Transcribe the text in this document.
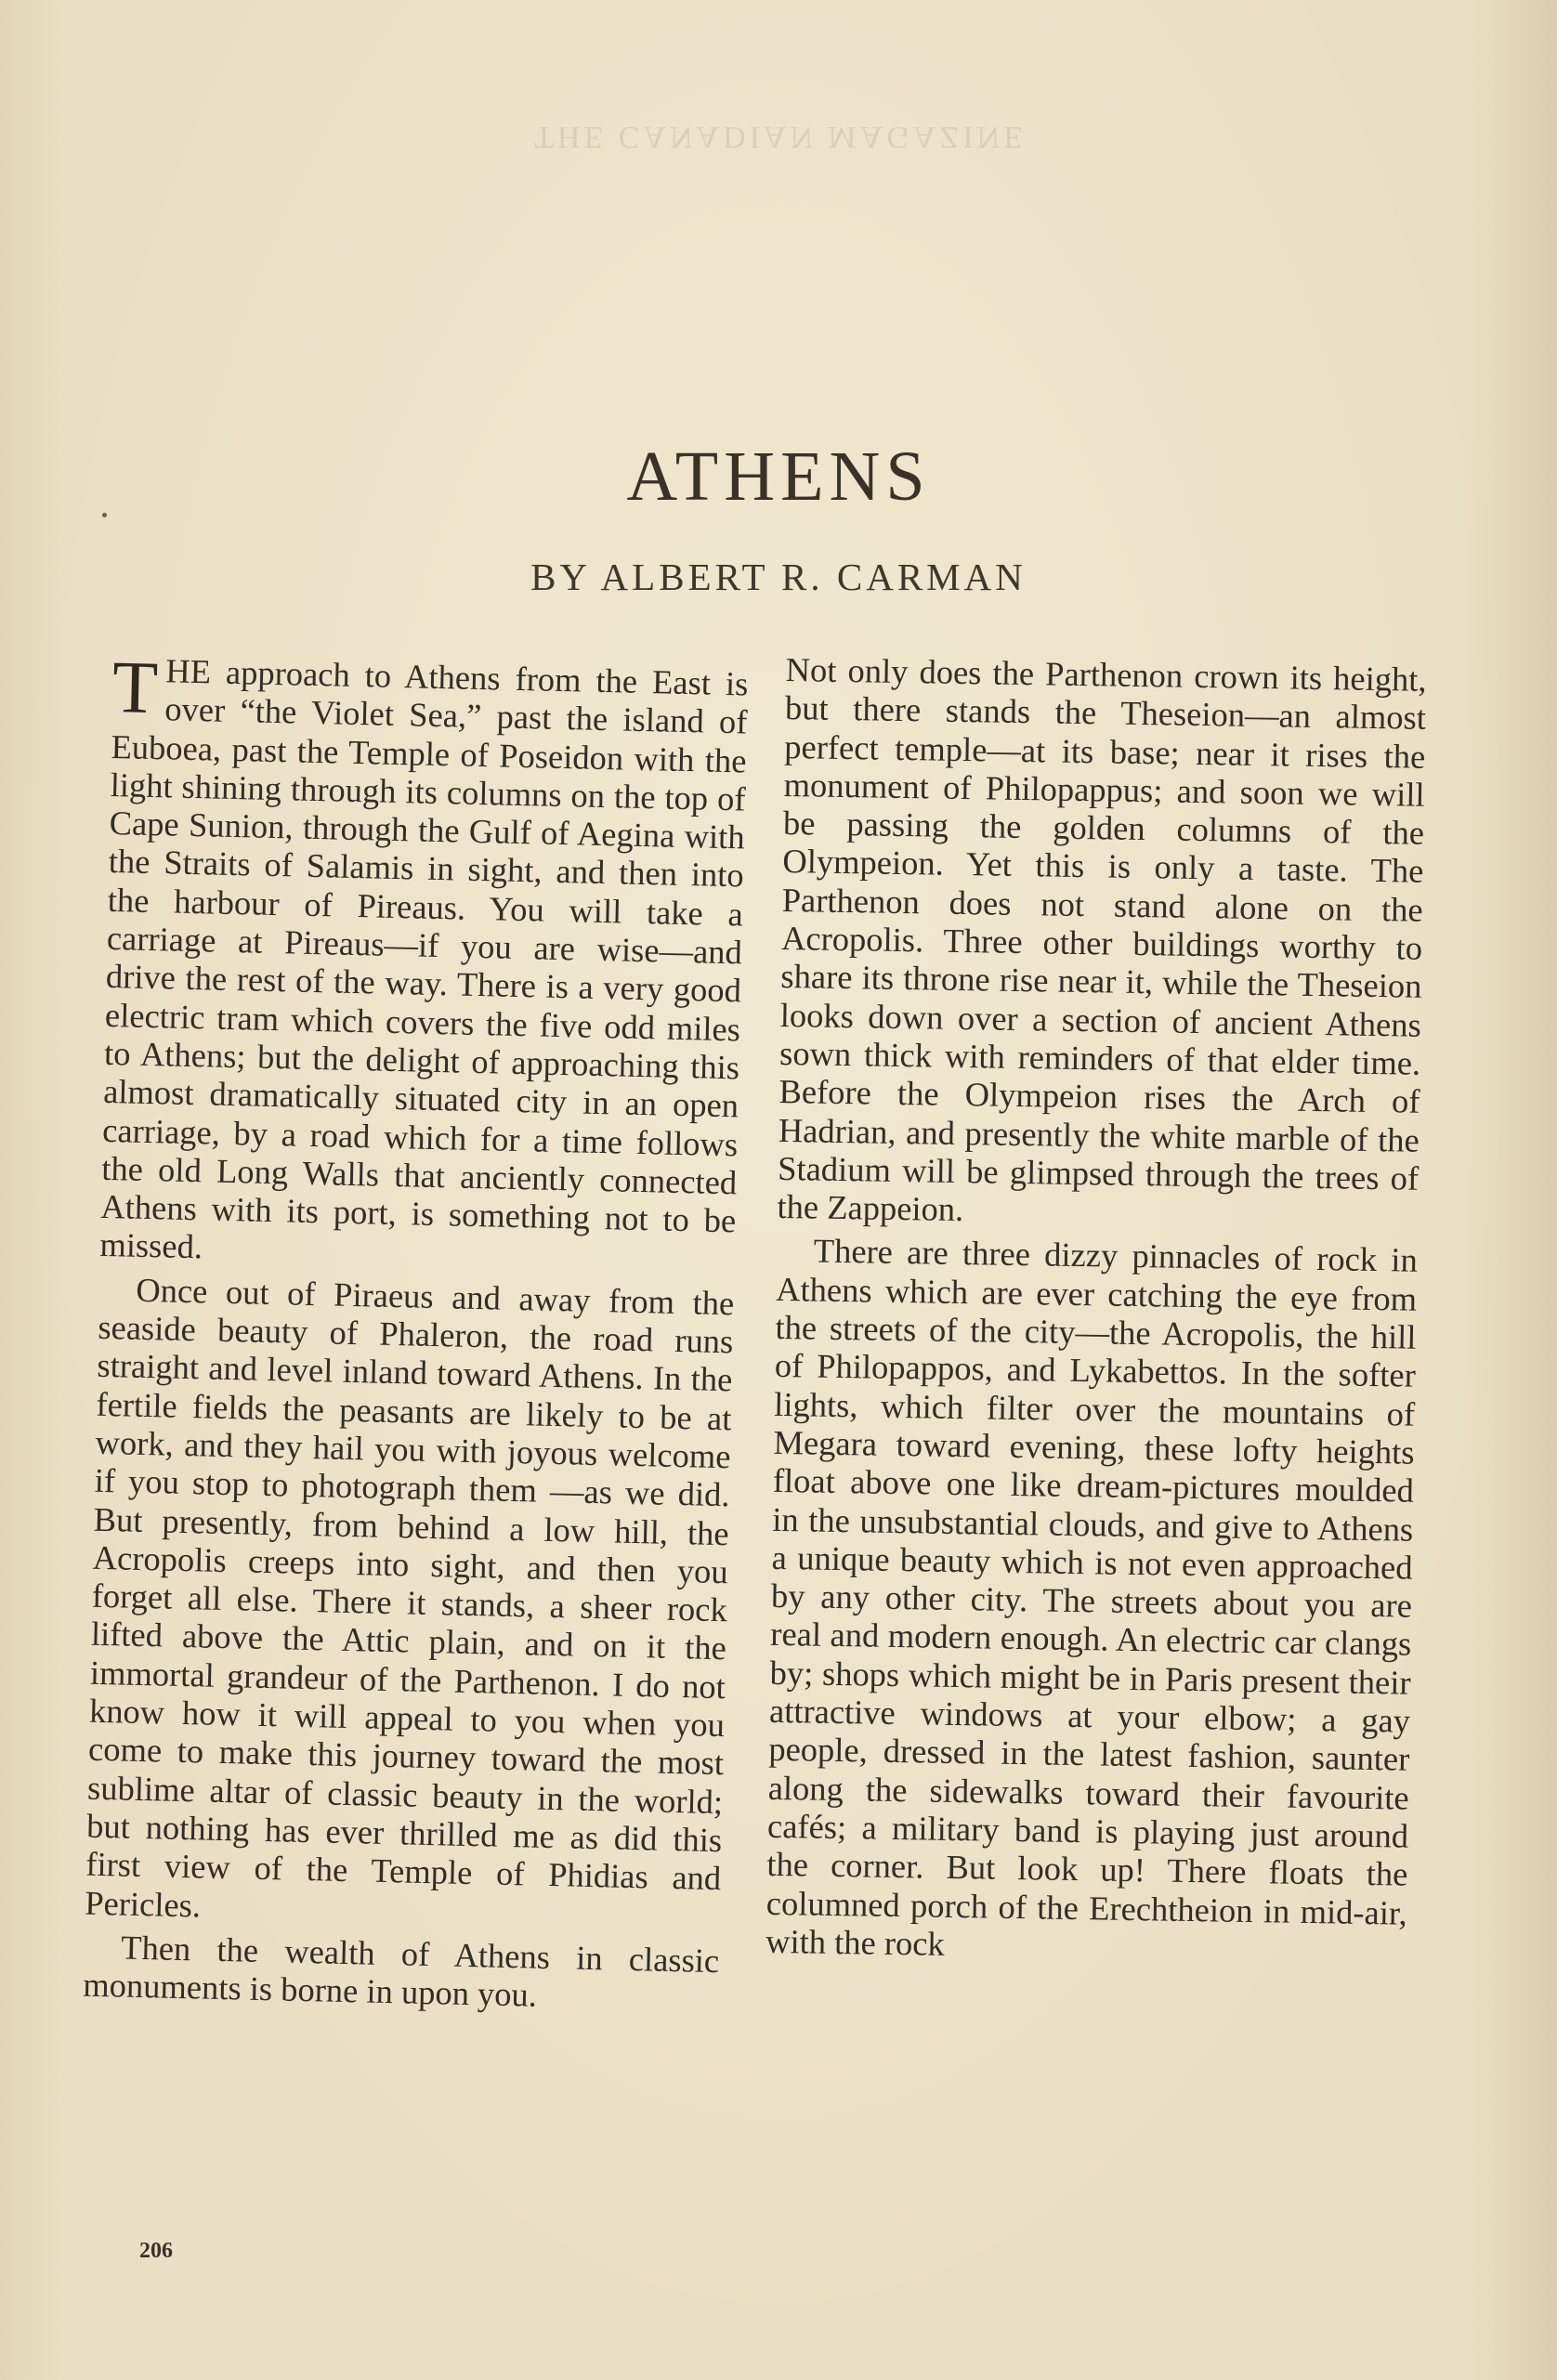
THE CANADIAN MAGAZINE
ATHENS
BY ALBERT R. CARMAN

THE approach to Athens from the East is over “the Violet Sea,” past the island of Euboea, past the Temple of Poseidon with the light shining through its columns on the top of Cape Sunion, through the Gulf of Aegina with the Straits of Salamis in sight, and then into the harbour of Pireaus. You will take a carriage at Pireaus—if you are wise—and drive the rest of the way. There is a very good electric tram which covers the five odd miles to Athens; but the delight of approaching this almost dramatically situated city in an open carriage, by a road which for a time follows the old Long Walls that anciently connected Athens with its port, is something not to be missed.

Once out of Piraeus and away from the seaside beauty of Phaleron, the road runs straight and level inland toward Athens. In the fertile fields the peasants are likely to be at work, and they hail you with joyous welcome if you stop to photograph them —as we did. But presently, from behind a low hill, the Acropolis creeps into sight, and then you forget all else. There it stands, a sheer rock lifted above the Attic plain, and on it the immortal grandeur of the Parthenon. I do not know how it will appeal to you when you come to make this journey toward the most sublime altar of classic beauty in the world; but nothing has ever thrilled me as did this first view of the Temple of Phidias and Pericles.

Then the wealth of Athens in classic monuments is borne in upon you.

Not only does the Parthenon crown its height, but there stands the Theseion—an almost perfect temple—at its base; near it rises the monument of Philopappus; and soon we will be passing the golden columns of the Olympeion. Yet this is only a taste. The Parthenon does not stand alone on the Acropolis. Three other buildings worthy to share its throne rise near it, while the Theseion looks down over a section of ancient Athens sown thick with reminders of that elder time. Before the Olympeion rises the Arch of Hadrian, and presently the white marble of the Stadium will be glimpsed through the trees of the Zappeion.

There are three dizzy pinnacles of rock in Athens which are ever catching the eye from the streets of the city—the Acropolis, the hill of Philopappos, and Lykabettos. In the softer lights, which filter over the mountains of Megara toward evening, these lofty heights float above one like dream-pictures moulded in the unsubstantial clouds, and give to Athens a unique beauty which is not even approached by any other city. The streets about you are real and modern enough. An electric car clangs by; shops which might be in Paris present their attractive windows at your elbow; a gay people, dressed in the latest fashion, saunter along the sidewalks toward their favourite cafés; a military band is playing just around the corner. But look up! There floats the columned porch of the Erechtheion in mid-air, with the rock

206
